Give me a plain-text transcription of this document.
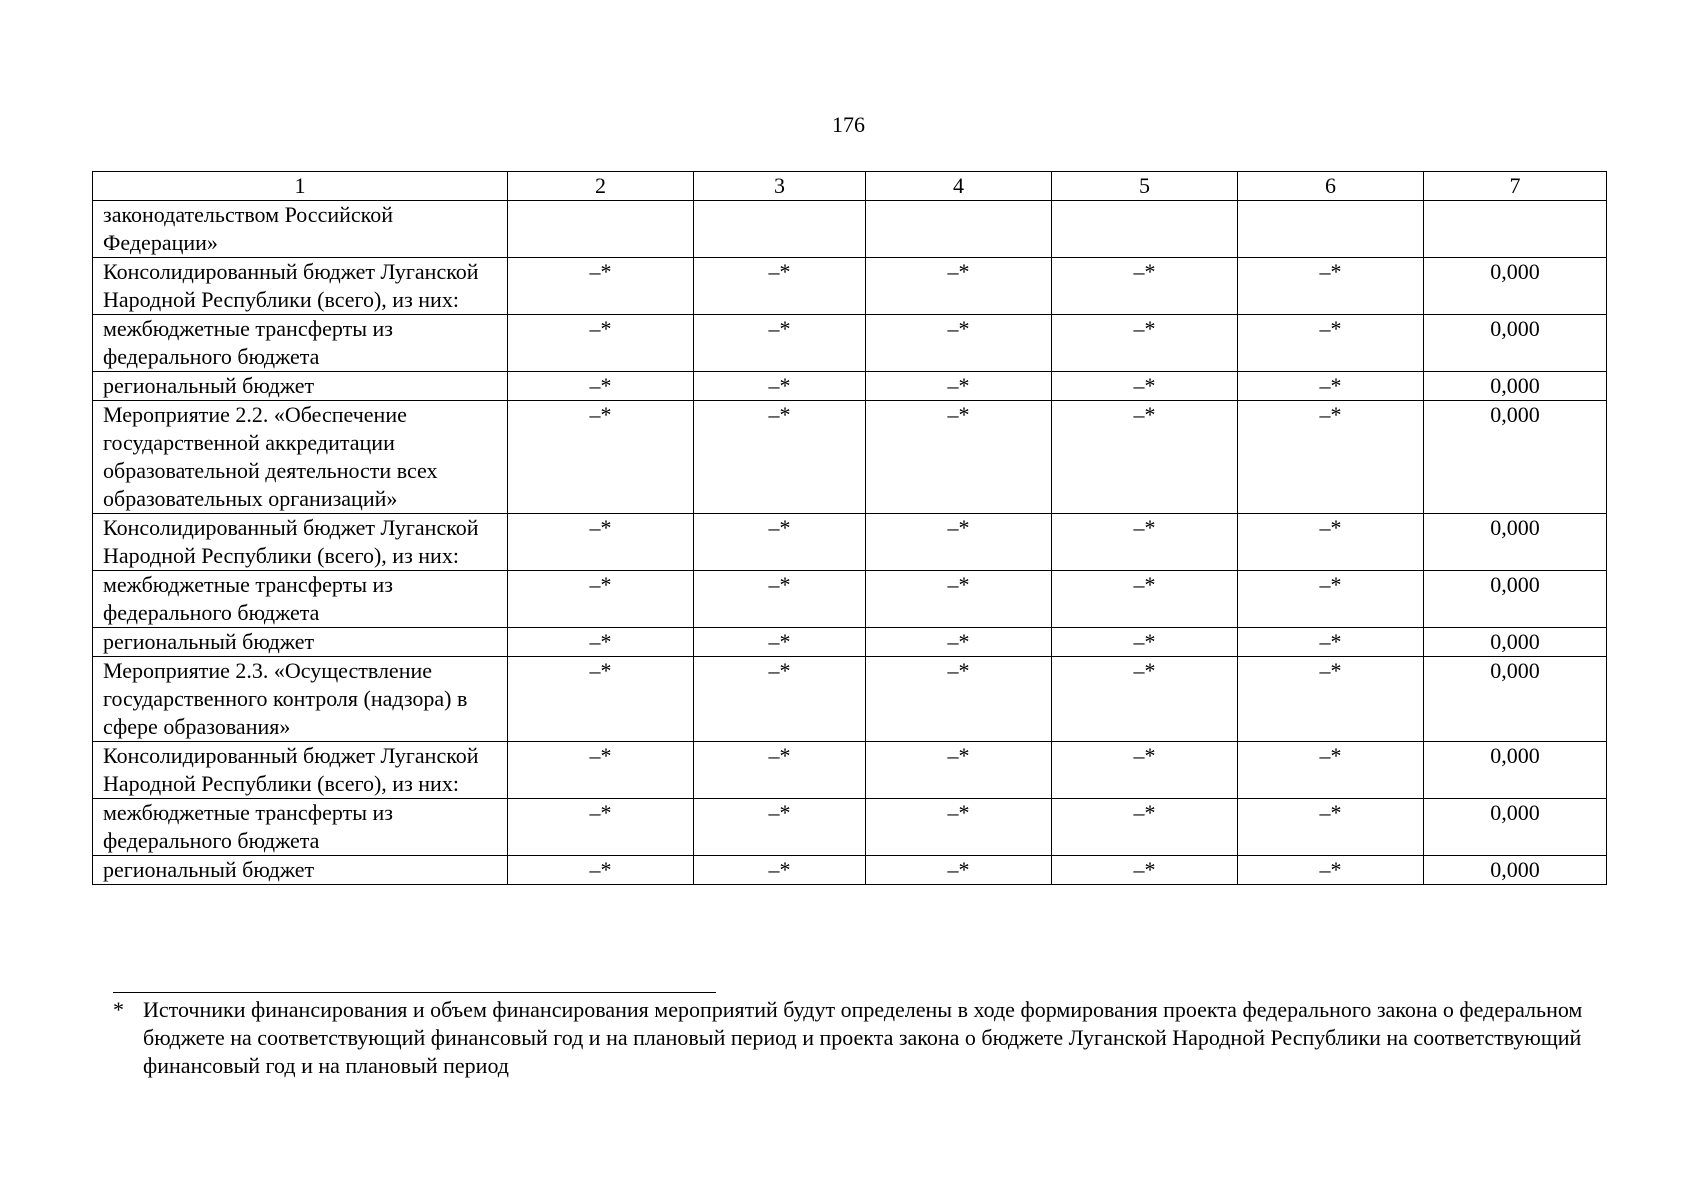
176
1	2	3	4	5	6	7
законодательством Российской Федерации»						
Консолидированный бюджет Луганской Народной Республики (всего), из них:	–*	–*	–*	–*	–*	0,000
межбюджетные трансферты из федерального бюджета	–*	–*	–*	–*	–*	0,000
региональный бюджет	–*	–*	–*	–*	–*	0,000
Мероприятие 2.2. «Обеспечение государственной аккредитации образовательной деятельности всех образовательных организаций»	–*	–*	–*	–*	–*	0,000
Консолидированный бюджет Луганской Народной Республики (всего), из них:	–*	–*	–*	–*	–*	0,000
межбюджетные трансферты из федерального бюджета	–*	–*	–*	–*	–*	0,000
региональный бюджет	–*	–*	–*	–*	–*	0,000
Мероприятие 2.3. «Осуществление государственного контроля (надзора) в сфере образования»	–*	–*	–*	–*	–*	0,000
Консолидированный бюджет Луганской Народной Республики (всего), из них:	–*	–*	–*	–*	–*	0,000
межбюджетные трансферты из федерального бюджета	–*	–*	–*	–*	–*	0,000
региональный бюджет	–*	–*	–*	–*	–*	0,000
* Источники финансирования и объем финансирования мероприятий будут определены в ходе формирования проекта федерального закона о федеральном бюджете на соответствующий финансовый год и на плановый период и проекта закона о бюджете Луганской Народной Республики на соответствующий финансовый год и на плановый период
